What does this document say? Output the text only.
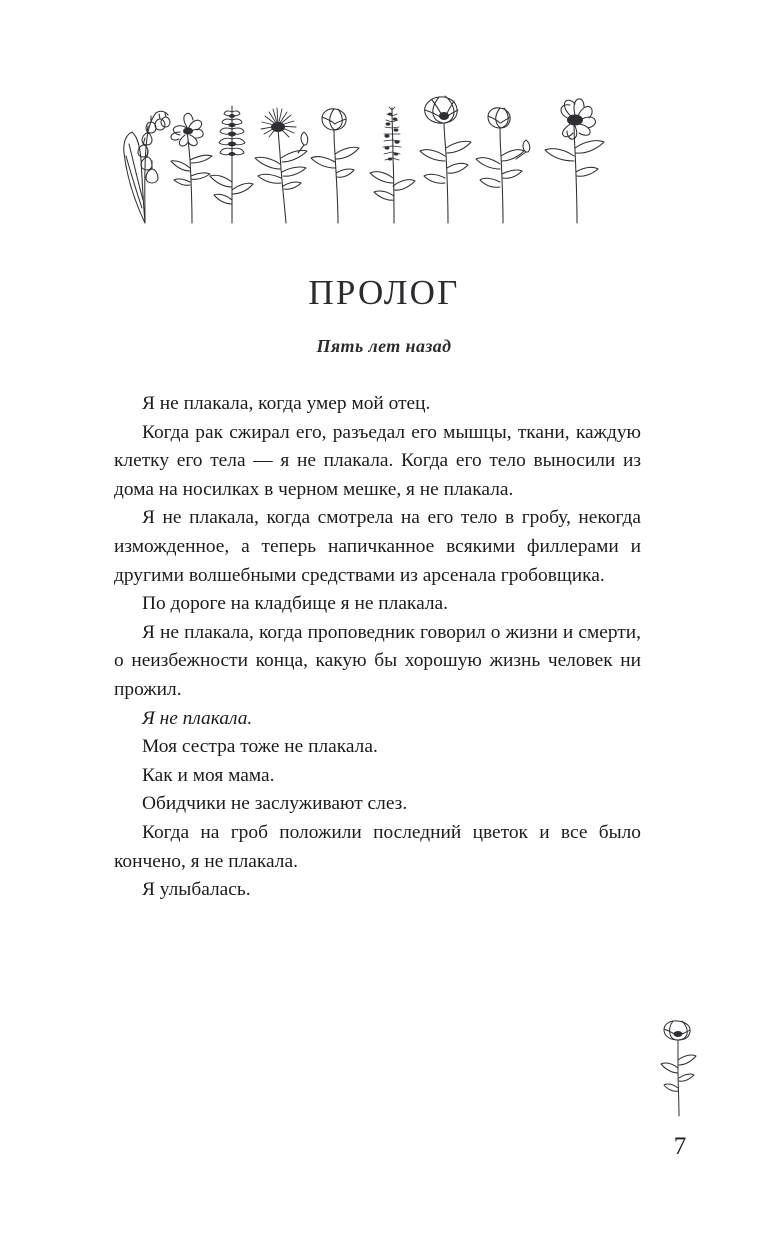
ПРОЛОГ
Пять лет назад

Я не плакала, когда умер мой отец.

Когда рак сжирал его, разъедал его мышцы, ткани, каждую клетку его тела — я не плакала. Когда его тело выносили из дома на носилках в черном мешке, я не плакала.

Я не плакала, когда смотрела на его тело в гробу, некогда изможденное, а теперь напичканное всякими филлерами и другими волшебными средствами из арсенала гробовщика.

По дороге на кладбище я не плакала.

Я не плакала, когда проповедник говорил о жизни и смерти, о неизбежности конца, какую бы хорошую жизнь человек ни прожил.

Я не плакала.

Моя сестра тоже не плакала.

Как и моя мама.

Обидчики не заслуживают слез.

Когда на гроб положили последний цветок и все было кончено, я не плакала.

Я улыбалась.

7
